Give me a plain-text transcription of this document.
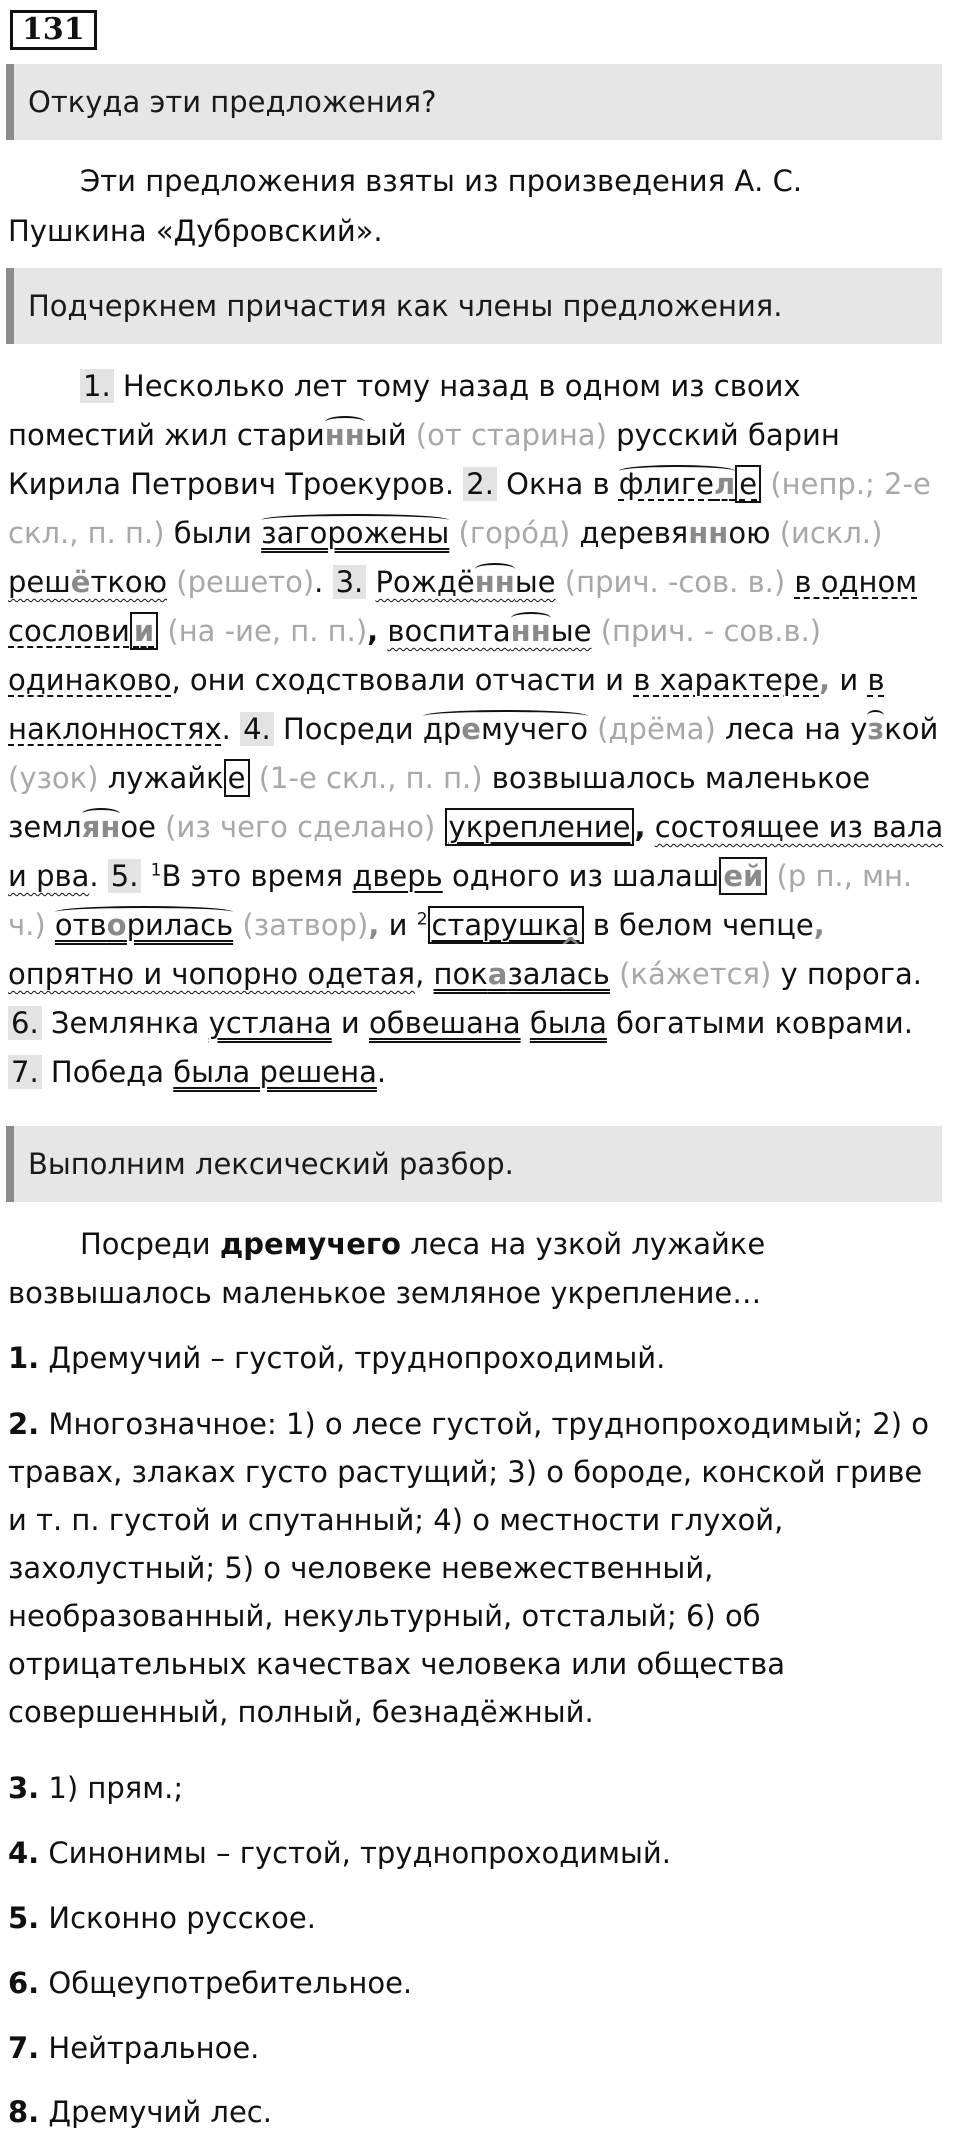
131
Откуда эти предложения?

Эти предложения взяты из произведения А. С. Пушкина «Дубровский».

Подчеркнем причастия как члены предложения.

1. Несколько лет тому назад в одном из своих поместий жил старинный (от старина) русский барин Кирила Петрович Троекуров. 2. Окна в флигел е (непр.; 2-е скл., п. п.) были загорожены (горо́д) деревянною (искл.) решёткою (решето). 3. Рождённые (прич. -сов. в.) в одном сослови и (на -ие, п. п.), воспитанные (прич. - сов.в.) одинаково, они сходствовали отчасти и в характере, и в наклонностях. 4. Посреди дремучего (дрёма) леса на узкой (узок) лужайк е (1-е скл., п. п.) возвышалось маленькое земляное (из чего сделано) укрепление , состоящее из вала и рва. 5. $^1$В это время дверь одного из шалаш ей (р п., мн. ч.) отворилась (затвор), и $^2$ старушка в белом чепце, опрятно и чопорно одетая, пок^ азалась (ка́жется) у порога. 6. Землянка устлана и обвешана была богатыми коврами. 7. Победа была решена.

Выполним лексический разбор.

Посреди дремучего леса на узкой лужайке возвышалось маленькое земляное укрепление…

1. Дремучий – густой, труднопроходимый.

2. Многозначное: 1) о лесе густой, труднопроходимый; 2) о травах, злаках густо растущий; 3) о бороде, конской гриве и т. п. густой и спутанный; 4) о местности глухой, захолустный; 5) о человеке невежественный, необразованный, некультурный, отсталый; 6) об отрицательных качествах человека или общества совершенный, полный, безнадёжный.

3. 1) прям.;

4. Синонимы – густой, труднопроходимый.

5. Исконно русское.

6. Общеупотребительное.

7. Нейтральное.

8. Дремучий лес.
